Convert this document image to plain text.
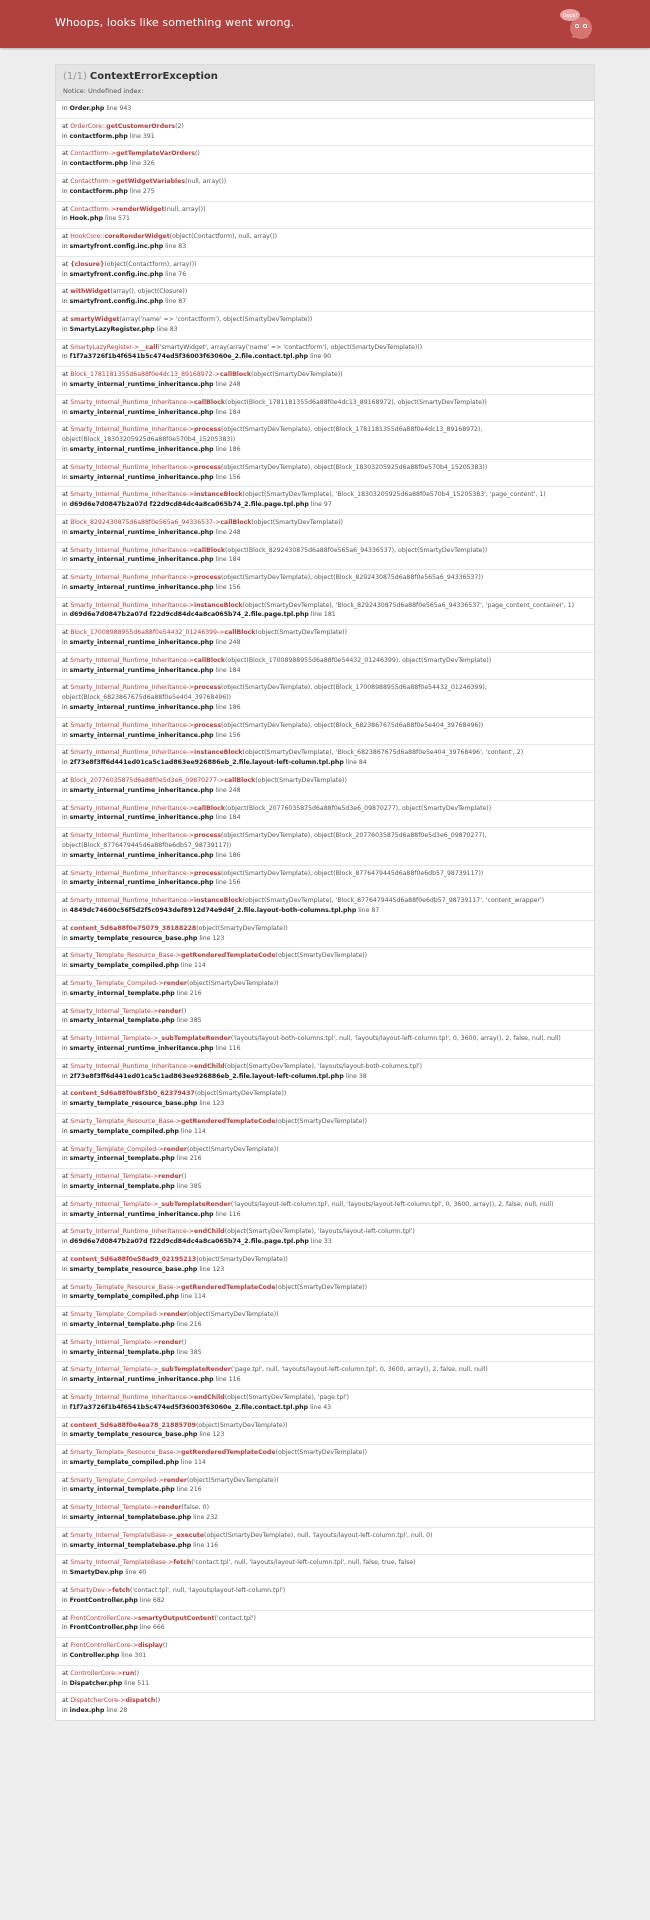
Whoops, looks like something went wrong.	Oops!
(1/1) ContextErrorException
Notice: Undefined index:
in Order.php line 943
at OrderCore::getCustomerOrders(2)
in contactform.php line 391
at Contactform->getTemplateVarOrders()
in contactform.php line 326
at Contactform->getWidgetVariables(null, array())
in contactform.php line 275
at Contactform->renderWidget(null, array())
in Hook.php line 571
at HookCore::coreRenderWidget(object(Contactform), null, array())
in smartyfront.config.inc.php line 83
at {closure}(object(Contactform), array())
in smartyfront.config.inc.php line 76
at withWidget(array(), object(Closure))
in smartyfront.config.inc.php line 87
at smartyWidget(array('name' => 'contactform'), object(SmartyDevTemplate))
in SmartyLazyRegister.php line 83
at SmartyLazyRegister->__call('smartyWidget', array(array('name' => 'contactform'), object(SmartyDevTemplate)))
in f1f7a3726f1b4f6541b5c474ed5f36003f63060e_2.file.contact.tpl.php line 90
at Block_1781181355d6a88f0e4dc13_89168972->callBlock(object(SmartyDevTemplate))
in smarty_internal_runtime_inheritance.php line 248
at Smarty_Internal_Runtime_Inheritance->callBlock(object(Block_1781181355d6a88f0e4dc13_89168972), object(SmartyDevTemplate))
in smarty_internal_runtime_inheritance.php line 184
at Smarty_Internal_Runtime_Inheritance->process(object(SmartyDevTemplate), object(Block_1781181355d6a88f0e4dc13_89168972), object(Block_18303205925d6a88f0e570b4_15205383))
in smarty_internal_runtime_inheritance.php line 186
at Smarty_Internal_Runtime_Inheritance->process(object(SmartyDevTemplate), object(Block_18303205925d6a88f0e570b4_15205383))
in smarty_internal_runtime_inheritance.php line 156
at Smarty_Internal_Runtime_Inheritance->instanceBlock(object(SmartyDevTemplate), 'Block_18303205925d6a88f0e570b4_15205383', 'page_content', 1)
in d69d6e7d0847b2a07d f22d9cd84dc4a8ca065b74_2.file.page.tpl.php line 97
at Block_8292430875d6a88f0e565a6_94336537->callBlock(object(SmartyDevTemplate))
in smarty_internal_runtime_inheritance.php line 248
at Smarty_Internal_Runtime_Inheritance->callBlock(object(Block_8292430875d6a88f0e565a6_94336537), object(SmartyDevTemplate))
in smarty_internal_runtime_inheritance.php line 184
at Smarty_Internal_Runtime_Inheritance->process(object(SmartyDevTemplate), object(Block_8292430875d6a88f0e565a6_94336537))
in smarty_internal_runtime_inheritance.php line 156
at Smarty_Internal_Runtime_Inheritance->instanceBlock(object(SmartyDevTemplate), 'Block_8292430875d6a88f0e565a6_94336537', 'page_content_container', 1)
in d69d6e7d0847b2a07d f22d9cd84dc4a8ca065b74_2.file.page.tpl.php line 181
at Block_17008988955d6a88f0e54432_01246399->callBlock(object(SmartyDevTemplate))
in smarty_internal_runtime_inheritance.php line 248
at Smarty_Internal_Runtime_Inheritance->callBlock(object(Block_17008988955d6a88f0e54432_01246399), object(SmartyDevTemplate))
in smarty_internal_runtime_inheritance.php line 184
at Smarty_Internal_Runtime_Inheritance->process(object(SmartyDevTemplate), object(Block_17008988955d6a88f0e54432_01246399), object(Block_6823867675d6a88f0e5e404_39768496))
in smarty_internal_runtime_inheritance.php line 186
at Smarty_Internal_Runtime_Inheritance->process(object(SmartyDevTemplate), object(Block_6823867675d6a88f0e5e404_39768496))
in smarty_internal_runtime_inheritance.php line 156
at Smarty_Internal_Runtime_Inheritance->instanceBlock(object(SmartyDevTemplate), 'Block_6823867675d6a88f0e5e404_39768496', 'content', 2)
in 2f73e8f3ff6d441ed01ca5c1ad863ee926886eb_2.file.layout-left-column.tpl.php line 84
at Block_20776035875d6a88f0e5d3e6_09870277->callBlock(object(SmartyDevTemplate))
in smarty_internal_runtime_inheritance.php line 248
at Smarty_Internal_Runtime_Inheritance->callBlock(object(Block_20776035875d6a88f0e5d3e6_09870277), object(SmartyDevTemplate))
in smarty_internal_runtime_inheritance.php line 184
at Smarty_Internal_Runtime_Inheritance->process(object(SmartyDevTemplate), object(Block_20776035875d6a88f0e5d3e6_09870277), object(Block_8776479445d6a88f0e6db57_98739117))
in smarty_internal_runtime_inheritance.php line 186
at Smarty_Internal_Runtime_Inheritance->process(object(SmartyDevTemplate), object(Block_8776479445d6a88f0e6db57_98739117))
in smarty_internal_runtime_inheritance.php line 156
at Smarty_Internal_Runtime_Inheritance->instanceBlock(object(SmartyDevTemplate), 'Block_8776479445d6a88f0e6db57_98739117', 'content_wrapper')
in 4849dc74600c56f5d2f5c0943def8912d74e9d4f_2.file.layout-both-columns.tpl.php line 87
at content_5d6a88f0e75079_38188228(object(SmartyDevTemplate))
in smarty_template_resource_base.php line 123
at Smarty_Template_Resource_Base->getRenderedTemplateCode(object(SmartyDevTemplate))
in smarty_template_compiled.php line 114
at Smarty_Template_Compiled->render(object(SmartyDevTemplate))
in smarty_internal_template.php line 216
at Smarty_Internal_Template->render()
in smarty_internal_template.php line 385
at Smarty_Internal_Template->_subTemplateRender('layouts/layout-both-columns.tpl', null, 'layouts/layout-left-column.tpl', 0, 3600, array(), 2, false, null, null)
in smarty_internal_runtime_inheritance.php line 116
at Smarty_Internal_Runtime_Inheritance->endChild(object(SmartyDevTemplate), 'layouts/layout-both-columns.tpl')
in 2f73e8f3ff6d441ed01ca5c1ad863ee926886eb_2.file.layout-left-column.tpl.php line 38
at content_5d6a88f0e8f3b0_62379437(object(SmartyDevTemplate))
in smarty_template_resource_base.php line 123
at Smarty_Template_Resource_Base->getRenderedTemplateCode(object(SmartyDevTemplate))
in smarty_template_compiled.php line 114
at Smarty_Template_Compiled->render(object(SmartyDevTemplate))
in smarty_internal_template.php line 216
at Smarty_Internal_Template->render()
in smarty_internal_template.php line 385
at Smarty_Internal_Template->_subTemplateRender('layouts/layout-left-column.tpl', null, 'layouts/layout-left-column.tpl', 0, 3600, array(), 2, false, null, null)
in smarty_internal_runtime_inheritance.php line 116
at Smarty_Internal_Runtime_Inheritance->endChild(object(SmartyDevTemplate), 'layouts/layout-left-column.tpl')
in d69d6e7d0847b2a07d f22d9cd84dc4a8ca065b74_2.file.page.tpl.php line 33
at content_5d6a88f0e58ad9_02195213(object(SmartyDevTemplate))
in smarty_template_resource_base.php line 123
at Smarty_Template_Resource_Base->getRenderedTemplateCode(object(SmartyDevTemplate))
in smarty_template_compiled.php line 114
at Smarty_Template_Compiled->render(object(SmartyDevTemplate))
in smarty_internal_template.php line 216
at Smarty_Internal_Template->render()
in smarty_internal_template.php line 385
at Smarty_Internal_Template->_subTemplateRender('page.tpl', null, 'layouts/layout-left-column.tpl', 0, 3600, array(), 2, false, null, null)
in smarty_internal_runtime_inheritance.php line 116
at Smarty_Internal_Runtime_Inheritance->endChild(object(SmartyDevTemplate), 'page.tpl')
in f1f7a3726f1b4f6541b5c474ed5f36003f63060e_2.file.contact.tpl.php line 43
at content_5d6a88f0e4ea78_21885709(object(SmartyDevTemplate))
in smarty_template_resource_base.php line 123
at Smarty_Template_Resource_Base->getRenderedTemplateCode(object(SmartyDevTemplate))
in smarty_template_compiled.php line 114
at Smarty_Template_Compiled->render(object(SmartyDevTemplate))
in smarty_internal_template.php line 216
at Smarty_Internal_Template->render(false, 0)
in smarty_internal_templatebase.php line 232
at Smarty_Internal_TemplateBase->_execute(object(SmartyDevTemplate), null, 'layouts/layout-left-column.tpl', null, 0)
in smarty_internal_templatebase.php line 116
at Smarty_Internal_TemplateBase->fetch('contact.tpl', null, 'layouts/layout-left-column.tpl', null, false, true, false)
in SmartyDev.php line 40
at SmartyDev->fetch('contact.tpl', null, 'layouts/layout-left-column.tpl')
in FrontController.php line 682
at FrontControllerCore->smartyOutputContent('contact.tpl')
in FrontController.php line 666
at FrontControllerCore->display()
in Controller.php line 301
at ControllerCore->run()
in Dispatcher.php line 511
at DispatcherCore->dispatch()
in index.php line 28
